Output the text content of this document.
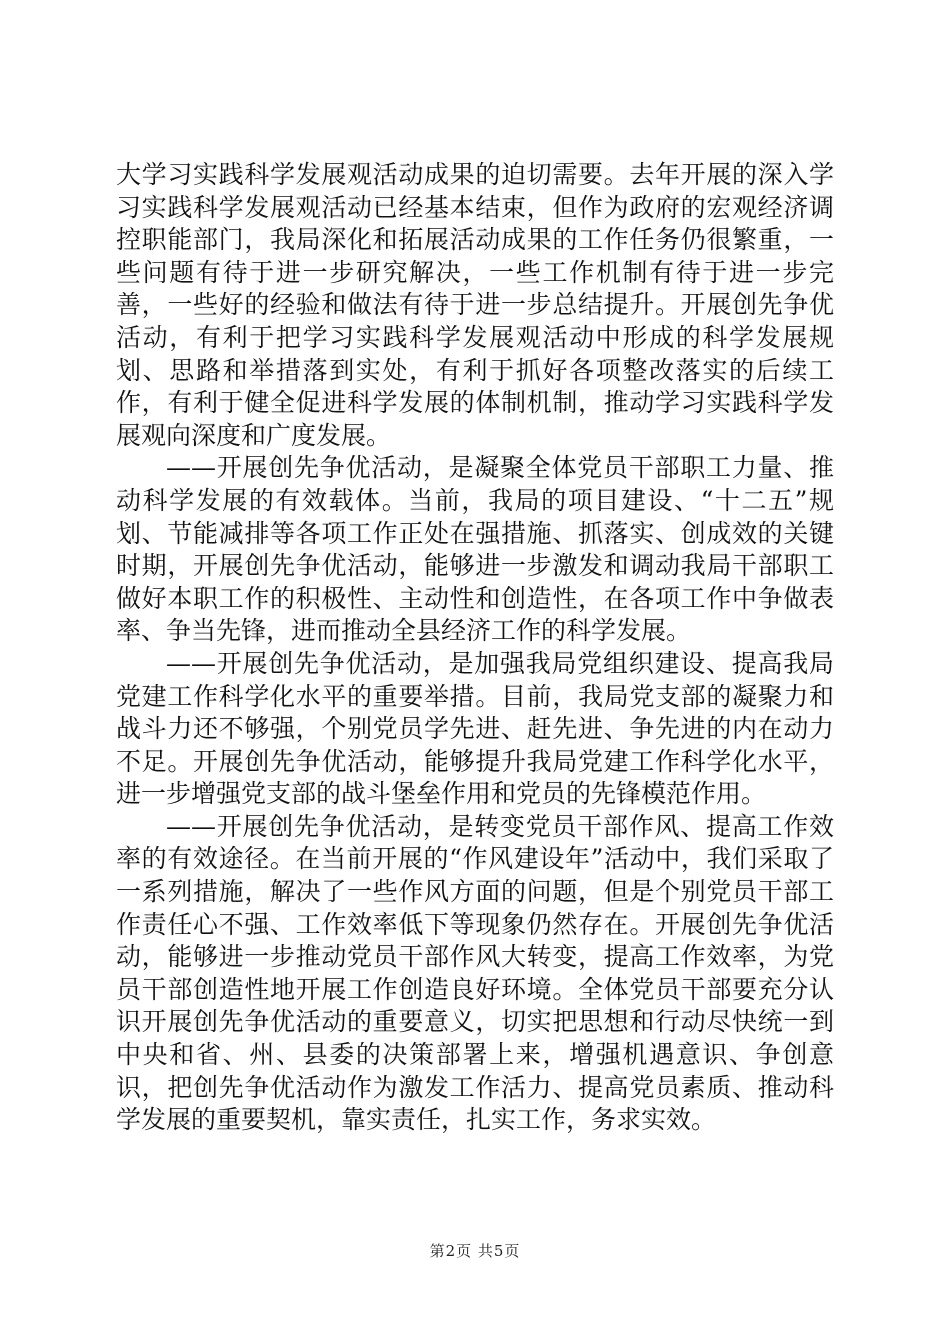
大学习实践科学发展观活动成果的迫切需要。去年开展的深入学习实践科学发展观活动已经基本结束，但作为政府的宏观经济调控职能部门，我局深化和拓展活动成果的工作任务仍很繁重，一些问题有待于进一步研究解决，一些工作机制有待于进一步完善，一些好的经验和做法有待于进一步总结提升。开展创先争优活动，有利于把学习实践科学发展观活动中形成的科学发展规划、思路和举措落到实处，有利于抓好各项整改落实的后续工作，有利于健全促进科学发展的体制机制，推动学习实践科学发展观向深度和广度发展。

——开展创先争优活动，是凝聚全体党员干部职工力量、推动科学发展的有效载体。当前，我局的项目建设、“十二五”规划、节能减排等各项工作正处在强措施、抓落实、创成效的关键时期，开展创先争优活动，能够进一步激发和调动我局干部职工做好本职工作的积极性、主动性和创造性，在各项工作中争做表率、争当先锋，进而推动全县经济工作的科学发展。

——开展创先争优活动，是加强我局党组织建设、提高我局党建工作科学化水平的重要举措。目前，我局党支部的凝聚力和战斗力还不够强，个别党员学先进、赶先进、争先进的内在动力不足。开展创先争优活动，能够提升我局党建工作科学化水平，进一步增强党支部的战斗堡垒作用和党员的先锋模范作用。

——开展创先争优活动，是转变党员干部作风、提高工作效率的有效途径。在当前开展的“作风建设年”活动中，我们采取了一系列措施，解决了一些作风方面的问题，但是个别党员干部工作责任心不强、工作效率低下等现象仍然存在。开展创先争优活动，能够进一步推动党员干部作风大转变，提高工作效率，为党员干部创造性地开展工作创造良好环境。全体党员干部要充分认识开展创先争优活动的重要意义，切实把思想和行动尽快统一到中央和省、州、县委的决策部署上来，增强机遇意识、争创意识，把创先争优活动作为激发工作活力、提高党员素质、推动科学发展的重要契机，靠实责任，扎实工作，务求实效。

第2页 共5页
